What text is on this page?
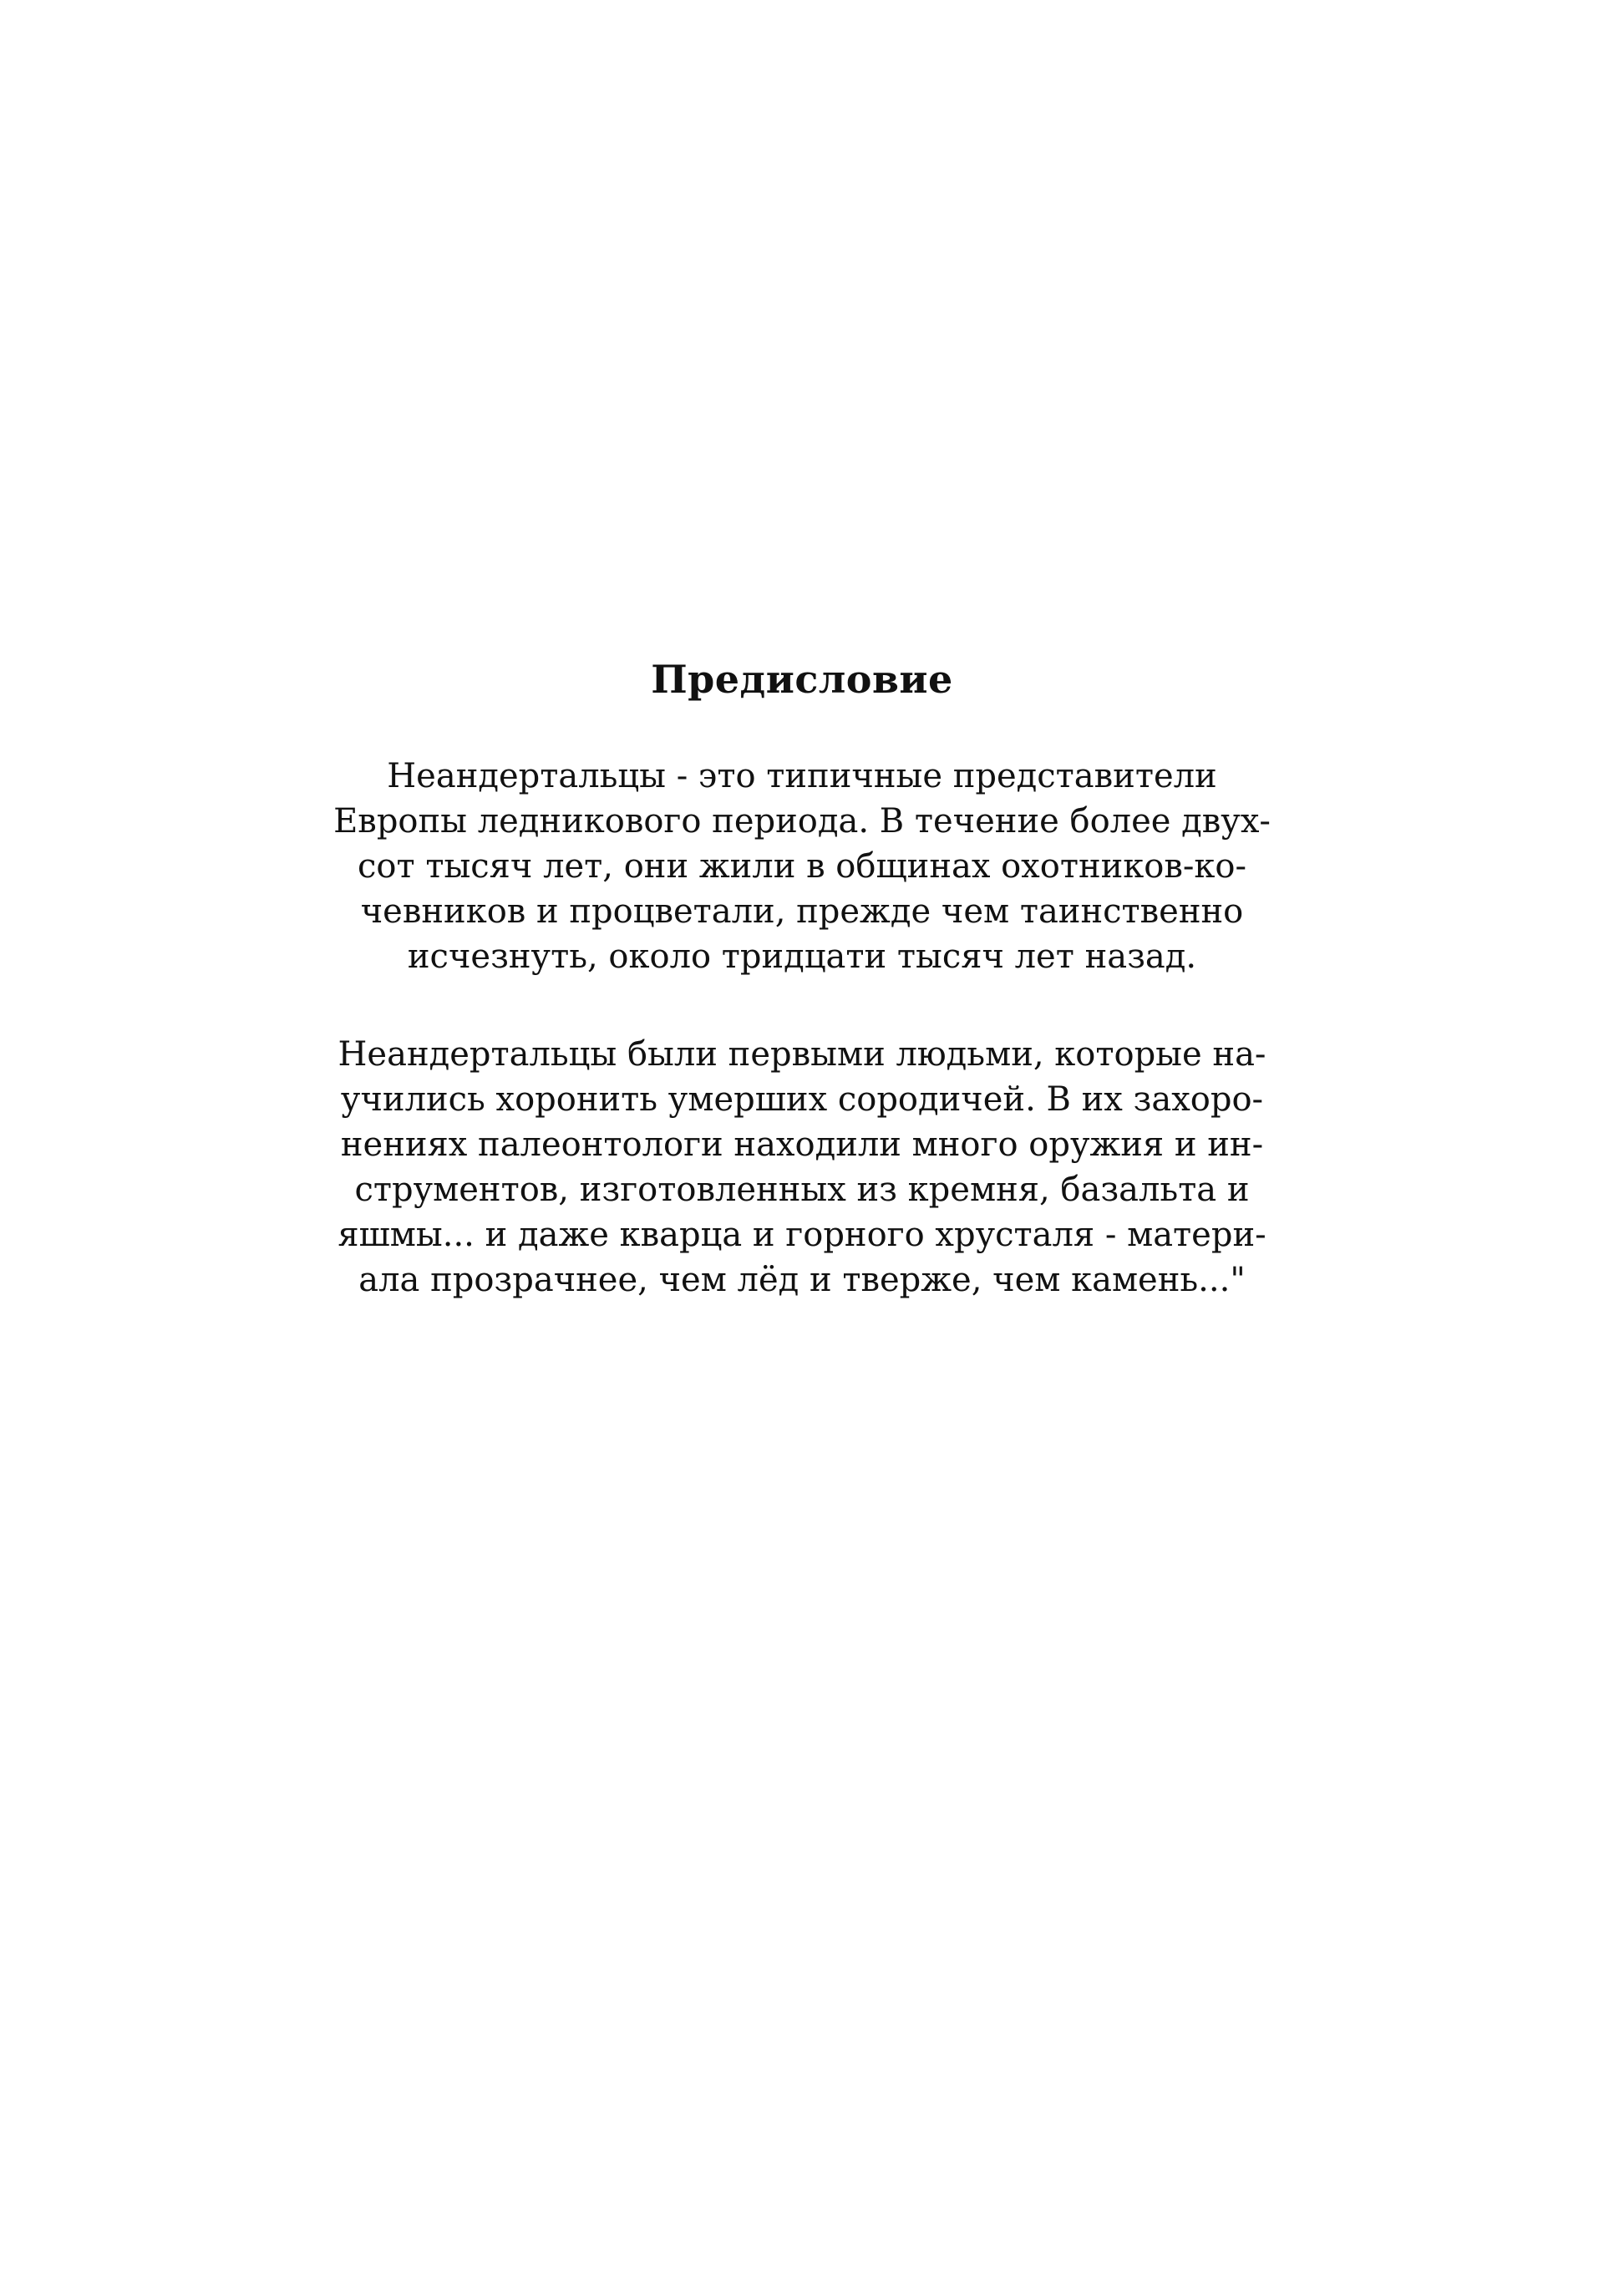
Предисловие

Неандертальцы - это типичные представители
Европы ледникового периода. В течение более двух-
сот тысяч лет, они жили в общинах охотников-ко-
чевников и процветали, прежде чем таинственно
исчезнуть, около тридцати тысяч лет назад.

Неандертальцы были первыми людьми, которые на-
учились хоронить умерших сородичей. В их захоро-
нениях палеонтологи находили много оружия и ин-
струментов, изготовленных из кремня, базальта и
яшмы... и даже кварца и горного хрусталя - матери-
ала прозрачнее, чем лёд и тверже, чем камень..."
